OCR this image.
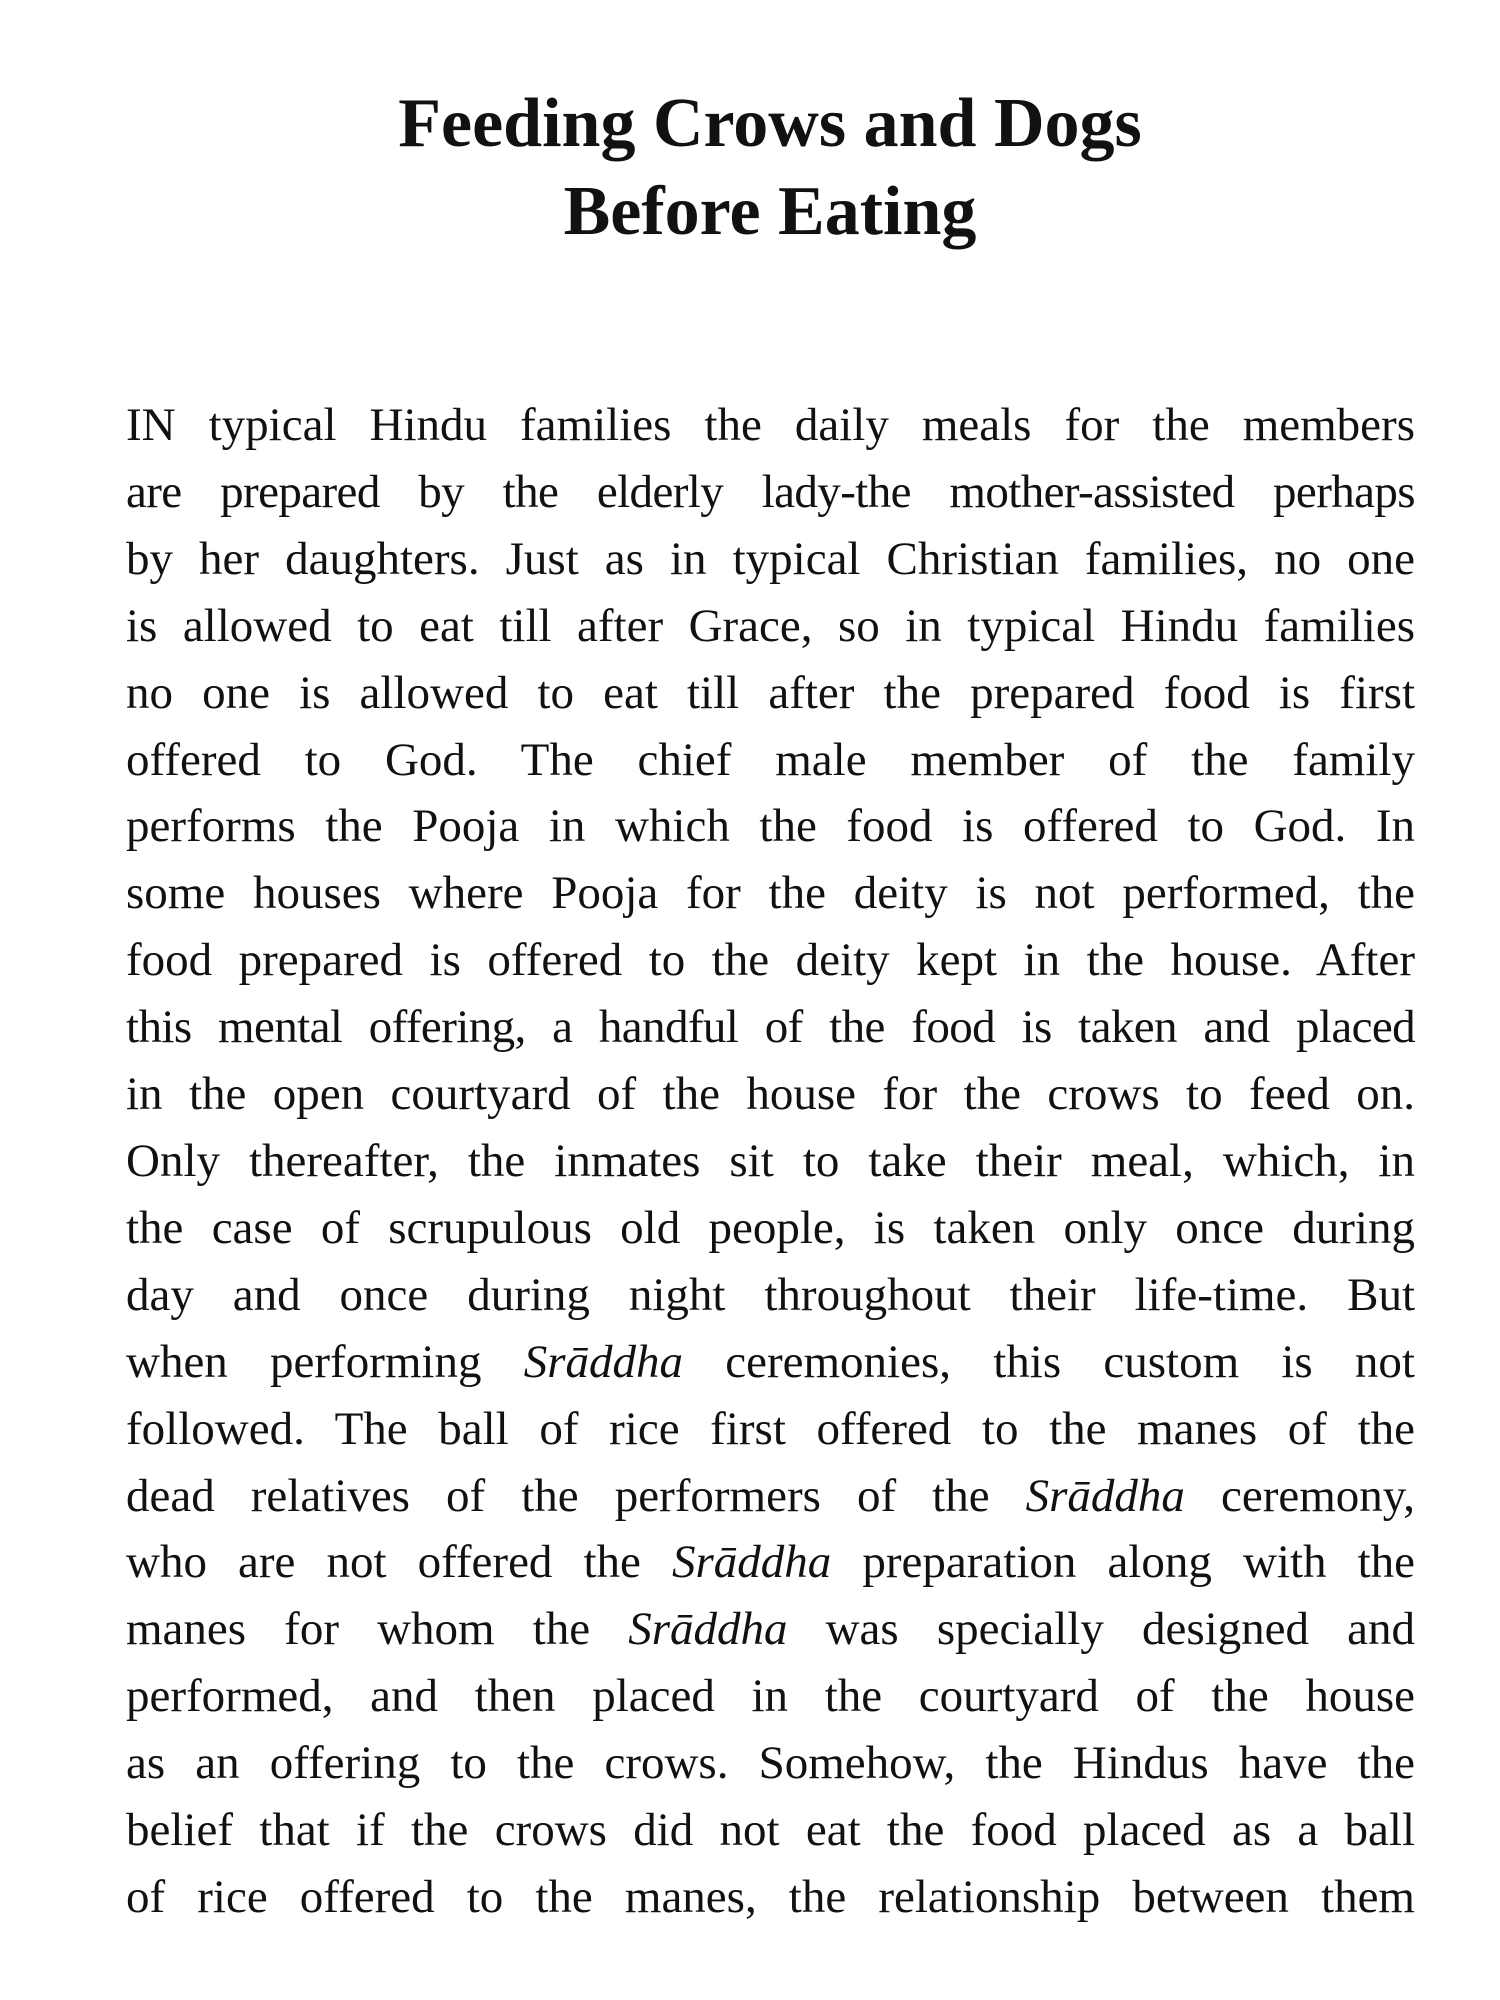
Feeding Crows and Dogs
Before Eating
IN typical Hindu families the daily meals for the members
are prepared by the elderly lady-the mother-assisted perhaps
by her daughters. Just as in typical Christian families, no one
is allowed to eat till after Grace, so in typical Hindu families
no one is allowed to eat till after the prepared food is first
offered to God. The chief male member of the family
performs the Pooja in which the food is offered to God. In
some houses where Pooja for the deity is not performed, the
food prepared is offered to the deity kept in the house. After
this mental offering, a handful of the food is taken and placed
in the open courtyard of the house for the crows to feed on.
Only thereafter, the inmates sit to take their meal, which, in
the case of scrupulous old people, is taken only once during
day and once during night throughout their life-time. But
when performing Srāddha ceremonies, this custom is not
followed. The ball of rice first offered to the manes of the
dead relatives of the performers of the Srāddha ceremony,
who are not offered the Srāddha preparation along with the
manes for whom the Srāddha was specially designed and
performed, and then placed in the courtyard of the house
as an offering to the crows. Somehow, the Hindus have the
belief that if the crows did not eat the food placed as a ball
of rice offered to the manes, the relationship between them
